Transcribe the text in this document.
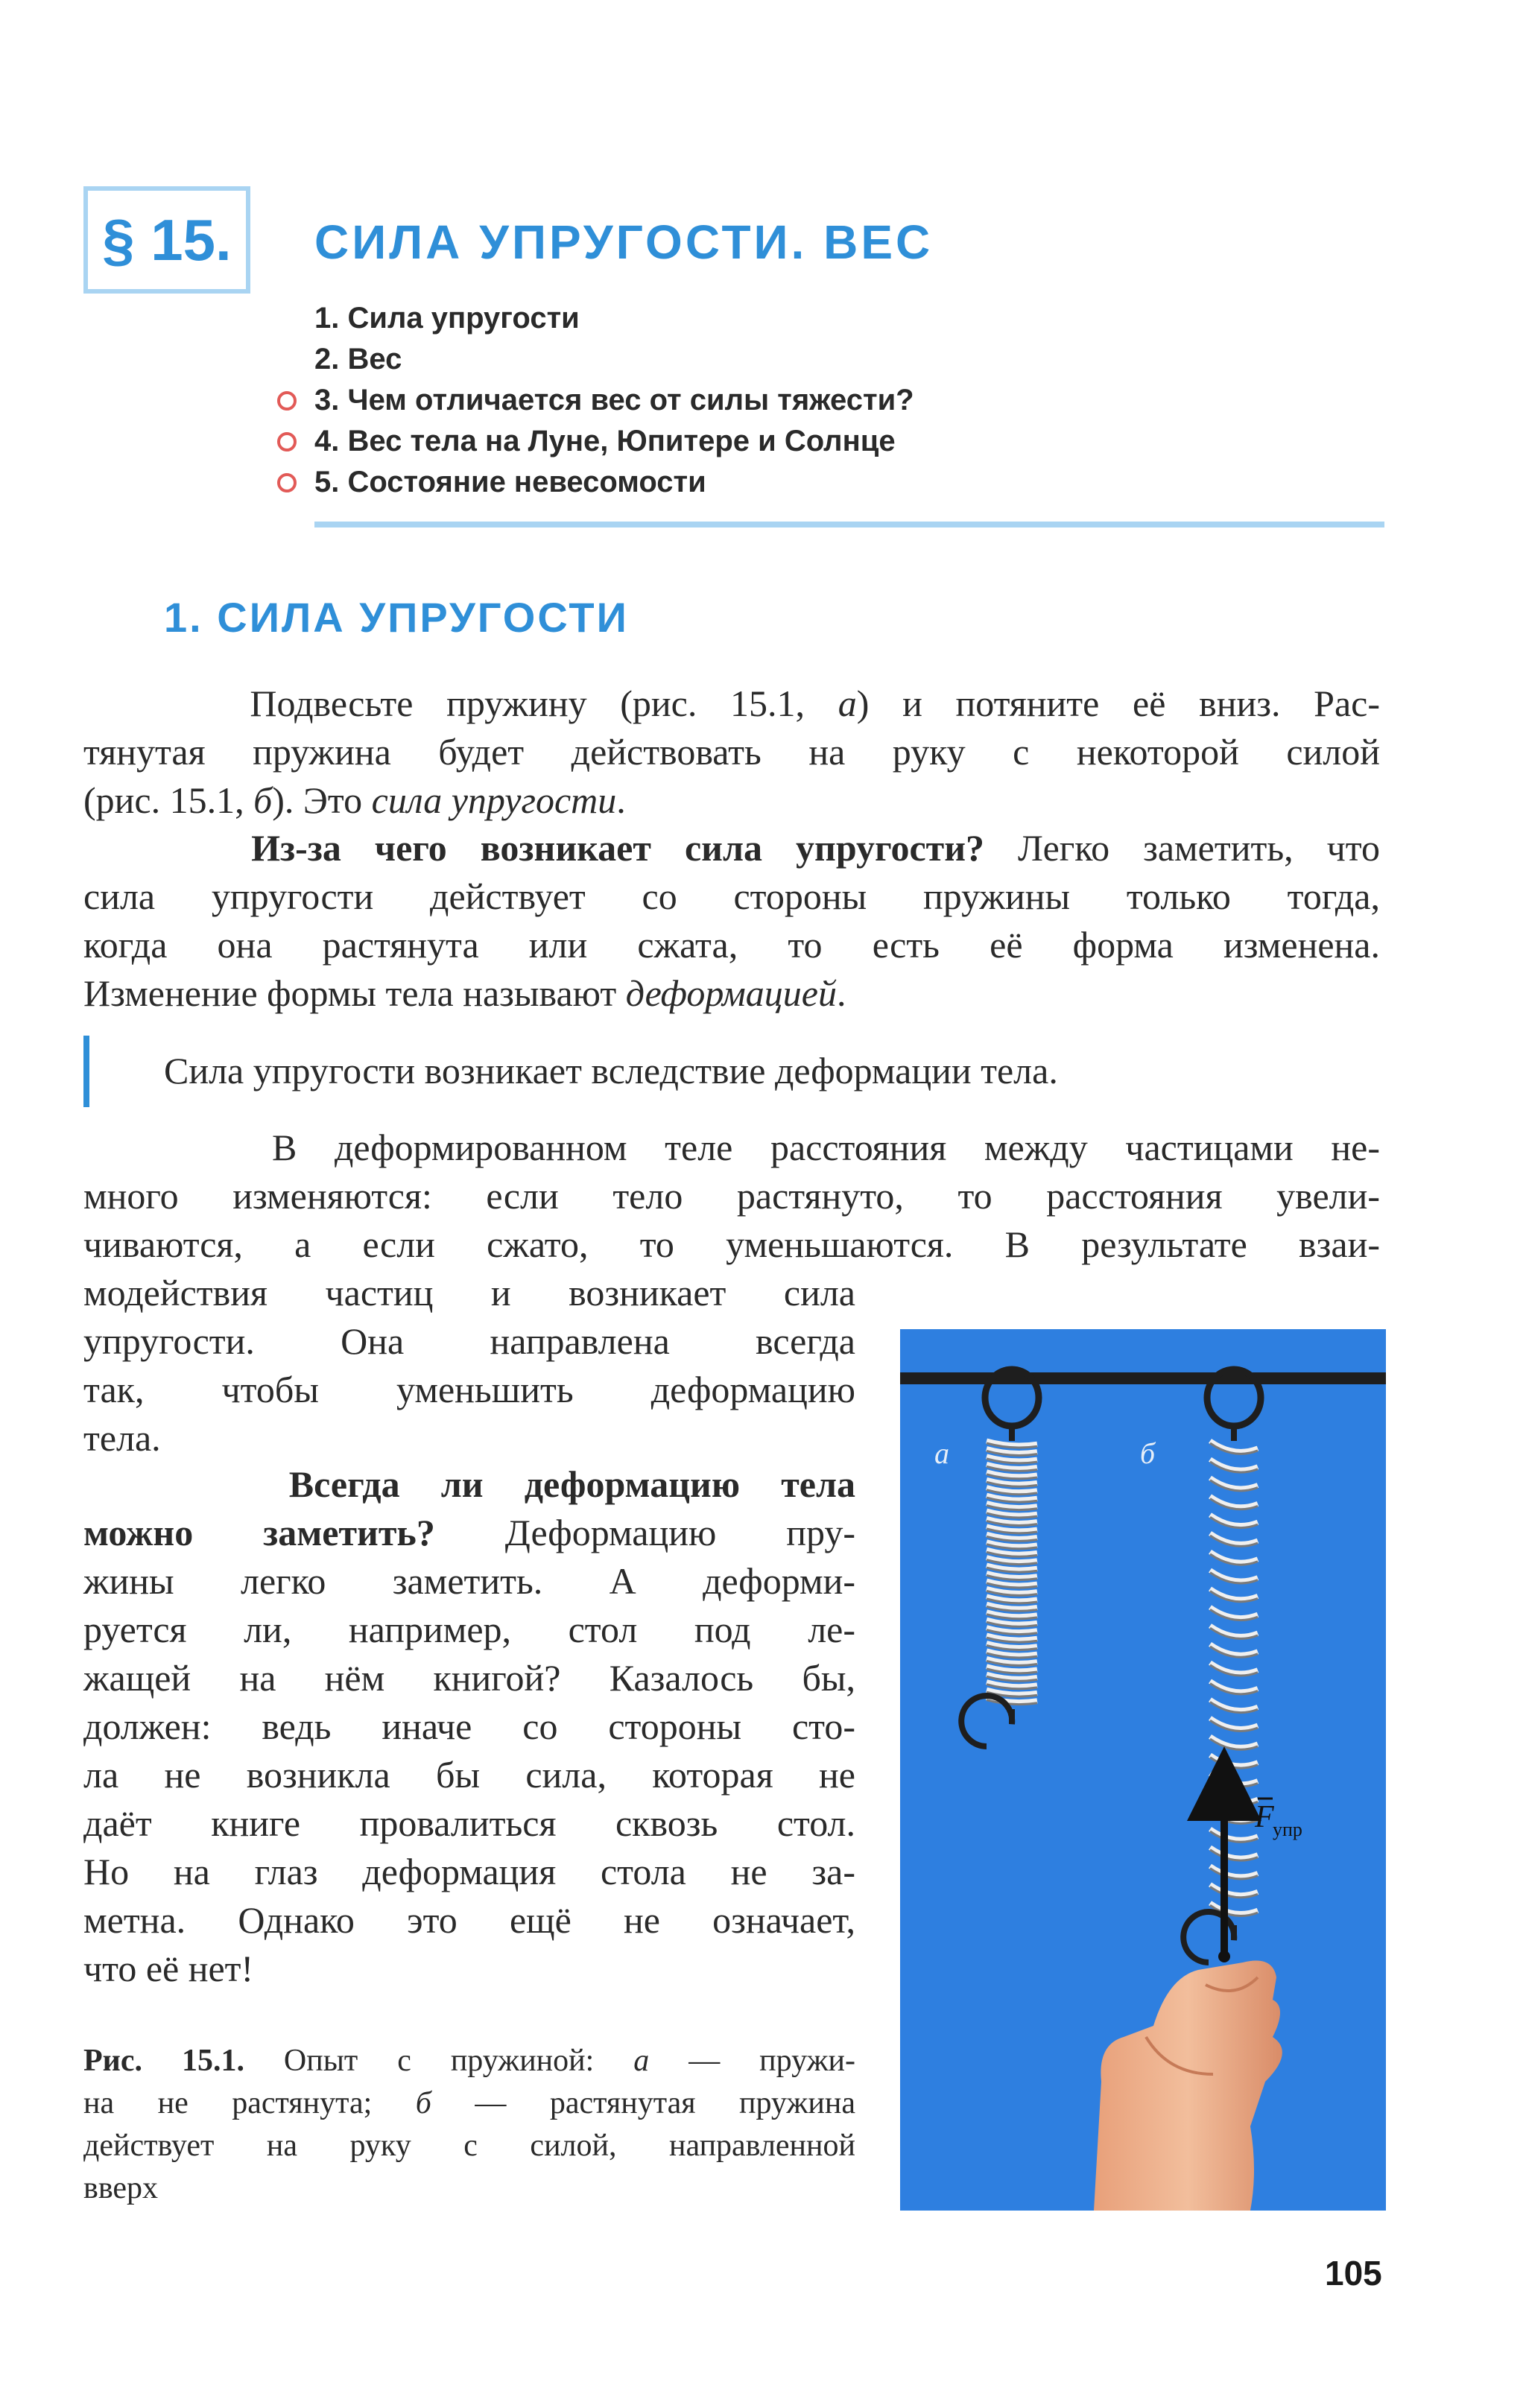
§ 15. СИЛА УПРУГОСТИ. ВЕС
1. Сила упругости
2. Вес
3. Чем отличается вес от силы тяжести?
4. Вес тела на Луне, Юпитере и Солнце
5. Состояние невесомости
1. СИЛА УПРУГОСТИ
Подвесьте пружину (рис. 15.1, а) и потяните её вниз. Рас-
тянутая пружина будет действовать на руку с некоторой силой
(рис. 15.1, б). Это сила упругости.
Из-за чего возникает сила упругости? Легко заметить, что
сила упругости действует со стороны пружины только тогда,
когда она растянута или сжата, то есть её форма изменена.
Изменение формы тела называют деформацией.
Сила упругости возникает вследствие деформации тела.
В деформированном теле расстояния между частицами не-
много изменяются: если тело растянуто, то расстояния увели-
чиваются, а если сжато, то уменьшаются. В результате взаи-
модействия частиц и возникает сила
упругости. Она направлена всегда
так, чтобы уменьшить деформацию
тела.
Всегда ли деформацию тела
можно заметить? Деформацию пру-
жины легко заметить. А деформи-
руется ли, например, стол под ле-
жащей на нём книгой? Казалось бы,
должен: ведь иначе со стороны сто-
ла не возникла бы сила, которая не
даёт книге провалиться сквозь стол.
Но на глаз деформация стола не за-
метна. Однако это ещё не означает,
что её нет!
Рис. 15.1. Опыт с пружиной: а — пружи-
на не растянута; б — растянутая пружина
действует на руку с силой, направленной
вверх
а	б
F
упр
105
